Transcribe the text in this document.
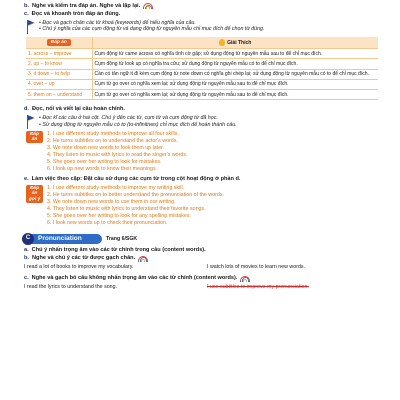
b. Nghe và kiểm tra đáp án. Nghe và lặp lại.
c. Đọc và khoanh tròn đáp án đúng.
• Đọc và gạch chân các từ khoá (keywords) để hiểu nghĩa của câu.
• Chú ý nghĩa của các cụm động từ và dạng động từ nguyên mẫu chỉ mục đích để chọn từ đúng.
Đáp án	Giải Thích
1. across – improve	Cụm động từ came across có nghĩa tình cờ gặp; sử dụng động từ nguyên mẫu sau to để chỉ mục đích.
2. up – to know	Cụm động từ look up có nghĩa tra cứu; sử dụng động từ nguyên mẫu có to để chỉ mục đích.
3. it down – to help	Cần có tân ngữ it đi kèm cụm động từ note down có nghĩa ghi chép lại; sử dụng động từ nguyên mẫu có to để chỉ mục đích.
4. over – up	Cụm từ go over có nghĩa xem lại; sử dụng động từ nguyên mẫu sau to để chỉ mục đích.
5. them on – understand	Cụm từ go over có nghĩa xem lại; sử dụng động từ nguyên mẫu sau to để chỉ mục đích.
d. Đọc, nối và viết lại câu hoàn chỉnh.
• Đọc kĩ các câu ở hai cột. Chú ý đến các từ, cụm từ và cụm động từ đã học.
• Sử dụng động từ nguyên mẫu có to (to-infinitives) chỉ mục đích để hoàn thành câu.
Đáp án
1. I use different study methods to improve all four skills.
2. He turns subtitles on to understand the actor's words.
3. We note down new words to look them up later.
4. They listen to music with lyrics to read the singer's words.
5. She goes over her writing to look for mistakes.
6. I look up new words to know their meanings.
e. Làm việc theo cặp: Đặt câu sử dụng các cụm từ trong cột hoạt động ở phần d.
Đáp án gợi ý
1. I use different study methods to improve my writing skill.
2. He turns subtitles on to better understand the pronunciation of the words.
3. We note down new words to use them in our writing.
4. They listen to music with lyrics to understand their favorite songs.
5. She goes over her writing to look for any spelling mistakes.
6. I look new words up to check their pronunciation.
C	Pronunciation	Trang 6/SGK
a. Chú ý nhấn trọng âm vào các từ chính trong câu (content words).
b. Nghe và chú ý các từ được gạch chân.
I read a lot of books to improve my vocabulary.	I watch lots of movies to learn new words.
c. Nghe và gạch bỏ câu không nhấn trọng âm vào các từ chính (content words).
I read the lyrics to understand the song.	I use subtitles to improve my pronunciation.
